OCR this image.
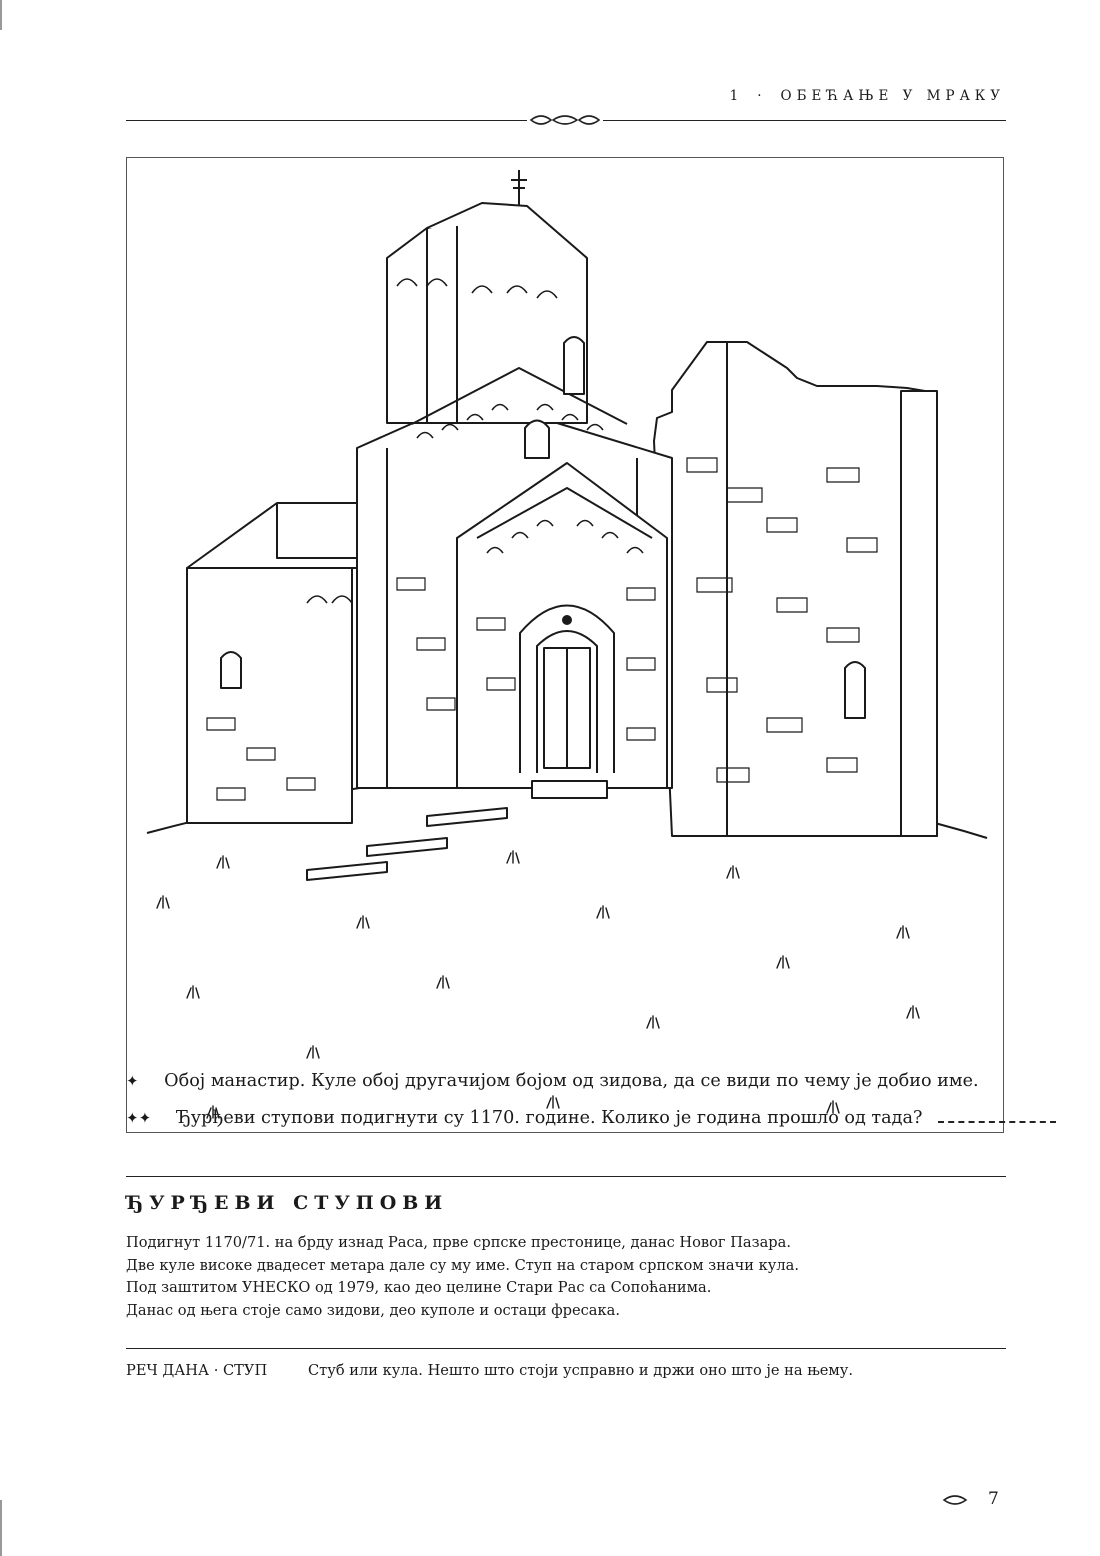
1 · ОБЕЋАЊЕ У МРАКУ
ЂУРЂЕВИ СТУПОВИ

Подигнут 1170/71. на брду изнад Раса, прве српске престонице, данас Новог Пазара.
Две куле високе двадесет метара дале су му име. Ступ на старом српском значи кула.
Под заштитом УНЕСКО од 1979, као део целине Стари Рас са Сопоћанима.
Данас од њега стоје само зидови, део куполе и остаци фресака.

РЕЧ ДАНА · СТУП	Стуб или кула. Нешто што стоји усправно и држи оно што је на њему.
✦ Обој манастир. Куле обој другачијом бојом од зидова, да се види по чему је добио име.
✦✦ Ђурђеви ступови подигнути су 1170. године. Колико је година прошло од тада?
7
